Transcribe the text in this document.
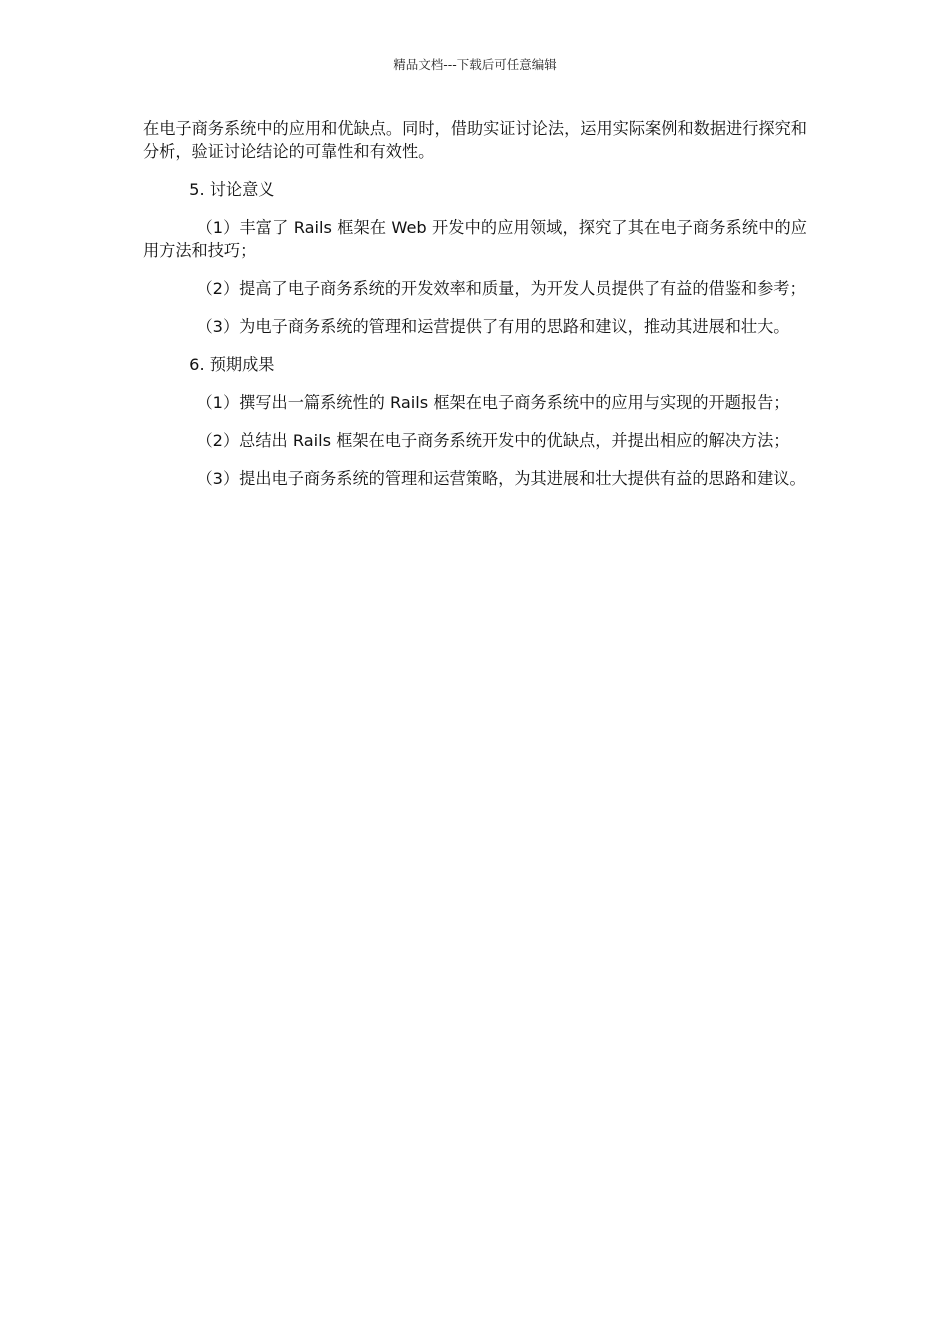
精品文档---下载后可任意编辑

在电子商务系统中的应用和优缺点。同时，借助实证讨论法，运用实际案例和数据进行探究和分析，验证讨论结论的可靠性和有效性。

5. 讨论意义

（1）丰富了 Rails 框架在 Web 开发中的应用领域，探究了其在电子商务系统中的应用方法和技巧；

（2）提高了电子商务系统的开发效率和质量，为开发人员提供了有益的借鉴和参考；

（3）为电子商务系统的管理和运营提供了有用的思路和建议，推动其进展和壮大。

6. 预期成果

（1）撰写出一篇系统性的 Rails 框架在电子商务系统中的应用与实现的开题报告；

（2）总结出 Rails 框架在电子商务系统开发中的优缺点，并提出相应的解决方法；

（3）提出电子商务系统的管理和运营策略，为其进展和壮大提供有益的思路和建议。
